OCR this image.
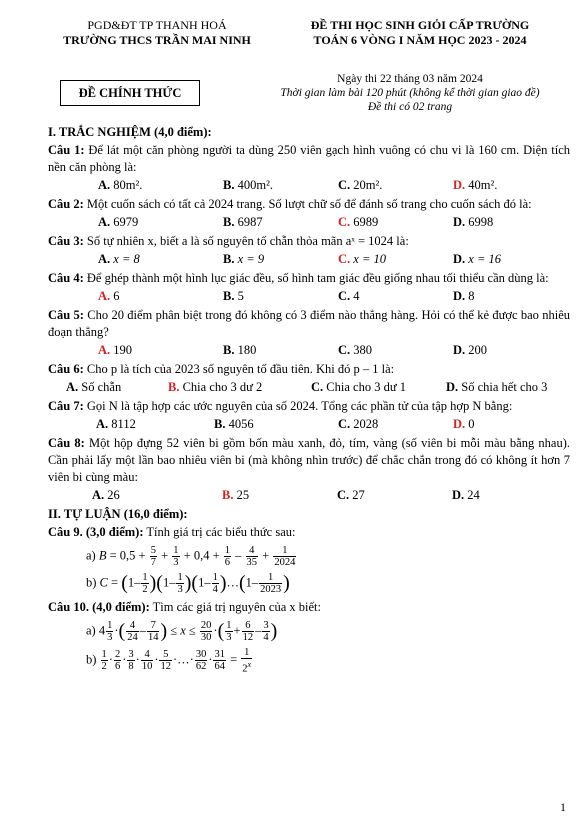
PGD&ĐT TP THANH HOÁ
TRƯỜNG THCS TRẦN MAI NINH
ĐỀ THI HỌC SINH GIỎI CẤP TRƯỜNG
TOÁN 6 VÒNG I NĂM HỌC 2023 - 2024
ĐỀ CHÍNH THỨC
Ngày thi 22 tháng 03 năm 2024
Thời gian làm bài 120 phút (không kể thời gian giao đề)
Đề thi có 02 trang
I. TRẮC NGHIỆM (4,0 điểm):

Câu 1: Để lát một căn phòng người ta dùng 250 viên gạch hình vuông có chu vi là 160 cm. Diện tích nền căn phòng là:

A. 80m².	B. 400m².	C. 20m².	D. 40m².

Câu 2: Một cuốn sách có tất cả 2024 trang. Số lượt chữ số để đánh số trang cho cuốn sách đó là:

A. 6979	B. 6987	C. 6989	D. 6998

Câu 3: Số tự nhiên x, biết a là số nguyên tố chẵn thỏa mãn aˣ = 1024 là:

A. x = 8	B. x = 9	C. x = 10	D. x = 16

Câu 4: Để ghép thành một hình lục giác đều, số hình tam giác đều giống nhau tối thiểu cần dùng là:

A. 6	B. 5	C. 4	D. 8

Câu 5: Cho 20 điểm phân biệt trong đó không có 3 điểm nào thẳng hàng. Hỏi có thể kẻ được bao nhiêu đoạn thẳng?

A. 190	B. 180	C. 380	D. 200

Câu 6: Cho p là tích của 2023 số nguyên tố đầu tiên. Khi đó p – 1 là:

A. Số chẵn	B. Chia cho 3 dư 2	C. Chia cho 3 dư 1	D. Số chia hết cho 3

Câu 7: Gọi N là tập hợp các ước nguyên của số 2024. Tổng các phần tử của tập hợp N bằng:

A. 8112	B. 4056	C. 2028	D. 0

Câu 8: Một hộp đựng 52 viên bi gồm bốn màu xanh, đỏ, tím, vàng (số viên bi mỗi màu bằng nhau). Cần phải lấy một lần bao nhiêu viên bi (mà không nhìn trước) để chắc chắn trong đó có không ít hơn 7 viên bi cùng màu:

A. 26	B. 25	C. 27	D. 24
II. TỰ LUẬN (16,0 điểm):

Câu 9. (3,0 điểm): Tính giá trị các biểu thức sau:

a) $B = 0,5 + \frac{5}{7} + \frac{1}{3} + 0,4 + \frac{1}{6} - \frac{4}{35} + \frac{1}{2024}$
b) $C = (1- \frac{1}{2} )(1- \frac{1}{3} )(1- \frac{1}{4}$ )…(1– $\frac{1}{2023}$ )

Câu 10. (4,0 điểm): Tìm các giá trị nguyên của x biết:

a) $4 \frac{1}{3}$ ·( $\frac{4}{24} - \frac{7}{14}$ ) ≤ $x \le \frac{20}{30}$ ·( $\frac{1}{3} + \frac{6}{12} - \frac{3}{4}$ )
$b) \frac{1}{2} \cdot \frac{2}{6} \cdot \frac{3}{8} \cdot \frac{4}{10} \cdot \frac{5}{12}$ ·…· $\frac{30}{62} \cdot \frac{31}{64} = \frac{1}{2^x}$
1
